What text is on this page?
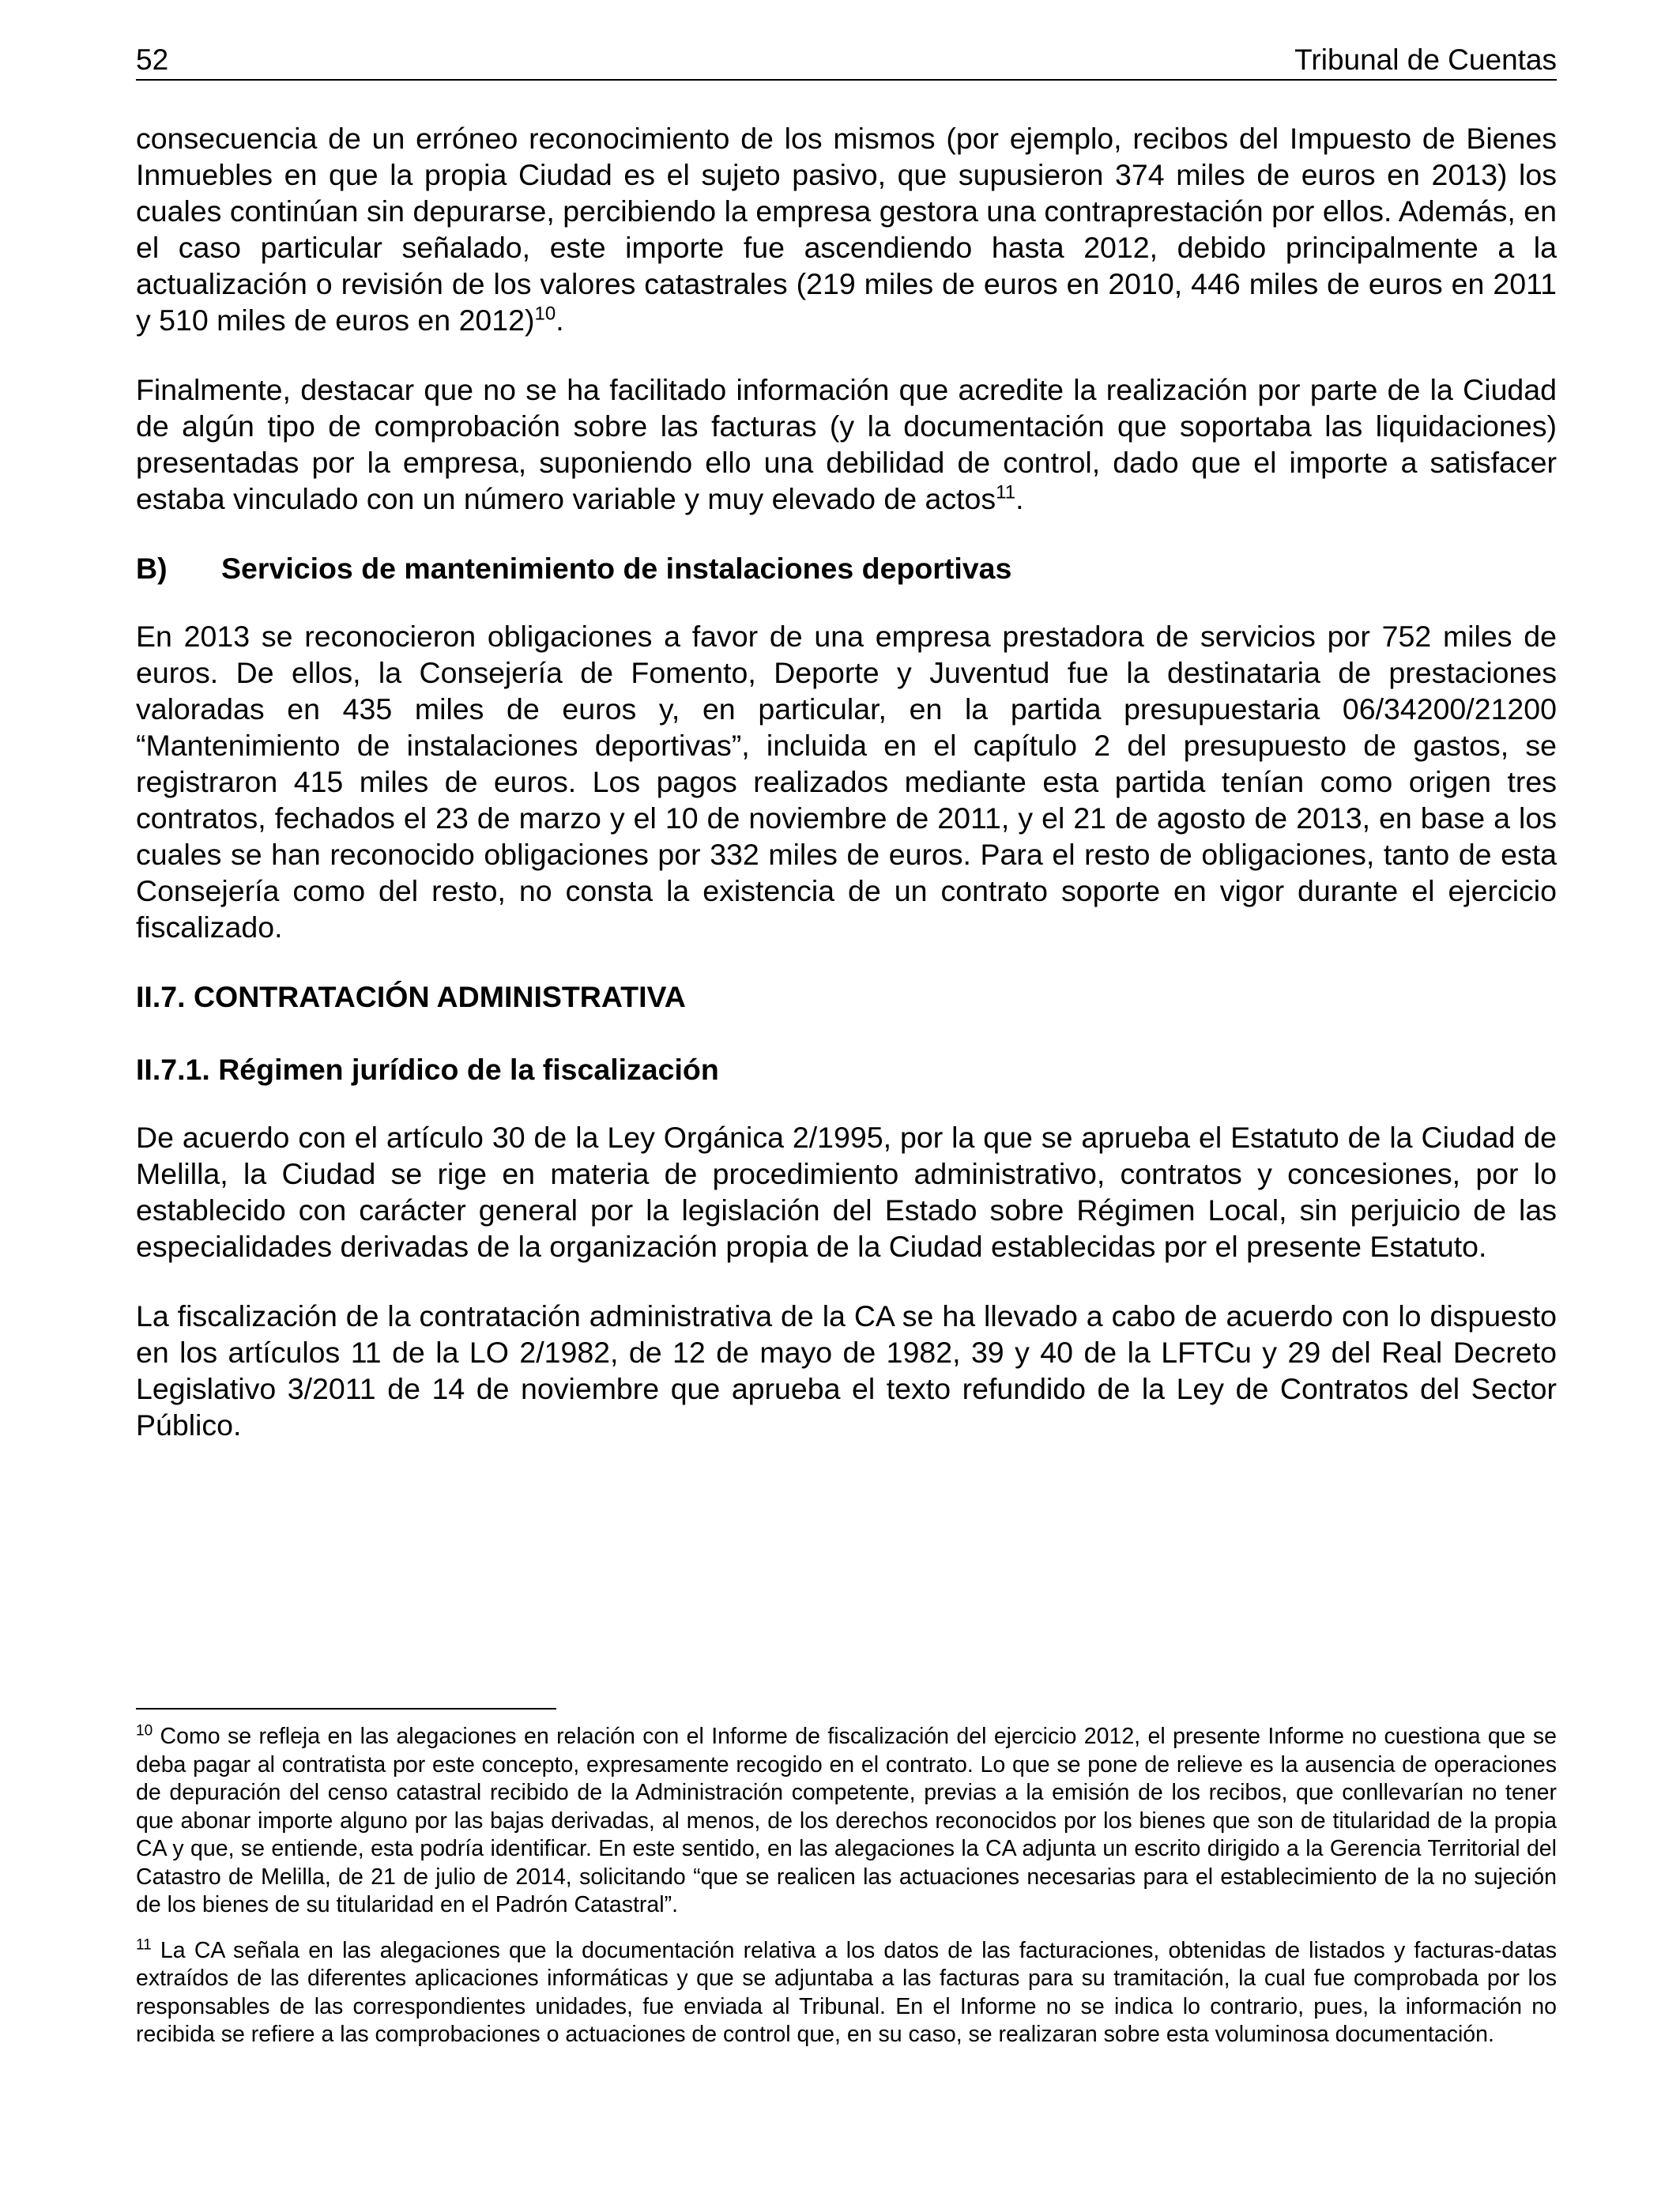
52	Tribunal de Cuentas

consecuencia de un erróneo reconocimiento de los mismos (por ejemplo, recibos del Impuesto de Bienes Inmuebles en que la propia Ciudad es el sujeto pasivo, que supusieron 374 miles de euros en 2013) los cuales continúan sin depurarse, percibiendo la empresa gestora una contraprestación por ellos. Además, en el caso particular señalado, este importe fue ascendiendo hasta 2012, debido principalmente a la actualización o revisión de los valores catastrales (219 miles de euros en 2010, 446 miles de euros en 2011 y 510 miles de euros en 2012)$^{10}$.

Finalmente, destacar que no se ha facilitado información que acredite la realización por parte de la Ciudad de algún tipo de comprobación sobre las facturas (y la documentación que soportaba las liquidaciones) presentadas por la empresa, suponiendo ello una debilidad de control, dado que el importe a satisfacer estaba vinculado con un número variable y muy elevado de actos$^{11}$.

B) Servicios de mantenimiento de instalaciones deportivas

En 2013 se reconocieron obligaciones a favor de una empresa prestadora de servicios por 752 miles de euros. De ellos, la Consejería de Fomento, Deporte y Juventud fue la destinataria de prestaciones valoradas en 435 miles de euros y, en particular, en la partida presupuestaria 06/34200/21200 “Mantenimiento de instalaciones deportivas”, incluida en el capítulo 2 del presupuesto de gastos, se registraron 415 miles de euros. Los pagos realizados mediante esta partida tenían como origen tres contratos, fechados el 23 de marzo y el 10 de noviembre de 2011, y el 21 de agosto de 2013, en base a los cuales se han reconocido obligaciones por 332 miles de euros. Para el resto de obligaciones, tanto de esta Consejería como del resto, no consta la existencia de un contrato soporte en vigor durante el ejercicio fiscalizado.

II.7. CONTRATACIÓN ADMINISTRATIVA
II.7.1. Régimen jurídico de la fiscalización

De acuerdo con el artículo 30 de la Ley Orgánica 2/1995, por la que se aprueba el Estatuto de la Ciudad de Melilla, la Ciudad se rige en materia de procedimiento administrativo, contratos y concesiones, por lo establecido con carácter general por la legislación del Estado sobre Régimen Local, sin perjuicio de las especialidades derivadas de la organización propia de la Ciudad establecidas por el presente Estatuto.

La fiscalización de la contratación administrativa de la CA se ha llevado a cabo de acuerdo con lo dispuesto en los artículos 11 de la LO 2/1982, de 12 de mayo de 1982, 39 y 40 de la LFTCu y 29 del Real Decreto Legislativo 3/2011 de 14 de noviembre que aprueba el texto refundido de la Ley de Contratos del Sector Público.

$^{10}$ Como se refleja en las alegaciones en relación con el Informe de fiscalización del ejercicio 2012, el presente Informe no cuestiona que se deba pagar al contratista por este concepto, expresamente recogido en el contrato. Lo que se pone de relieve es la ausencia de operaciones de depuración del censo catastral recibido de la Administración competente, previas a la emisión de los recibos, que conllevarían no tener que abonar importe alguno por las bajas derivadas, al menos, de los derechos reconocidos por los bienes que son de titularidad de la propia CA y que, se entiende, esta podría identificar. En este sentido, en las alegaciones la CA adjunta un escrito dirigido a la Gerencia Territorial del Catastro de Melilla, de 21 de julio de 2014, solicitando “que se realicen las actuaciones necesarias para el establecimiento de la no sujeción de los bienes de su titularidad en el Padrón Catastral”.

$^{11}$ La CA señala en las alegaciones que la documentación relativa a los datos de las facturaciones, obtenidas de listados y facturas-datas extraídos de las diferentes aplicaciones informáticas y que se adjuntaba a las facturas para su tramitación, la cual fue comprobada por los responsables de las correspondientes unidades, fue enviada al Tribunal. En el Informe no se indica lo contrario, pues, la información no recibida se refiere a las comprobaciones o actuaciones de control que, en su caso, se realizaran sobre esta voluminosa documentación.
